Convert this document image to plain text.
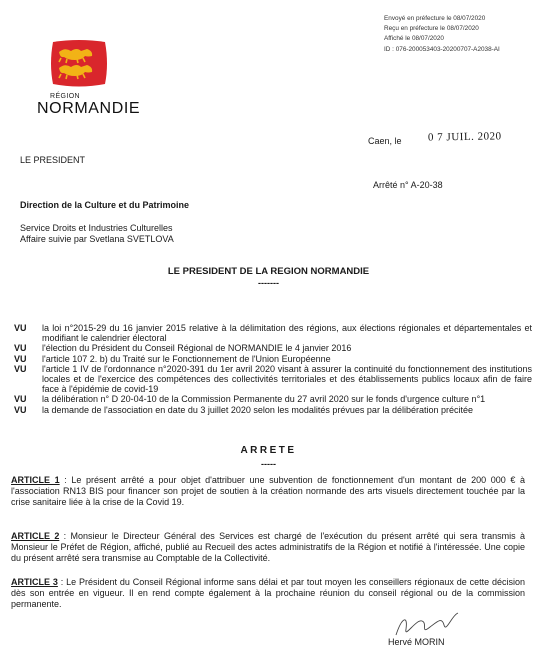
Envoyé en préfecture le 08/07/2020
Reçu en préfecture le 08/07/2020
Affiché le 08/07/2020
ID : 076-200053403-20200707-A2038-AI
RÉGION
NORMANDIE
Caen, le 0 7 JUIL. 2020
LE PRESIDENT
Arrêté n° A-20-38
Direction de la Culture et du Patrimoine
Service Droits et Industries Culturelles
Affaire suivie par Svetlana SVETLOVA
LE PRESIDENT DE LA REGION NORMANDIE
-------
VU	la loi n°2015-29 du 16 janvier 2015 relative à la délimitation des régions, aux élections régionales et départementales et modifiant le calendrier électoral
VU	l'élection du Président du Conseil Régional de NORMANDIE le 4 janvier 2016
VU	l'article 107 2. b) du Traité sur le Fonctionnement de l'Union Européenne
VU	l'article 1 IV de l'ordonnance n°2020-391 du 1er avril 2020 visant à assurer la continuité du fonctionnement des institutions locales et de l'exercice des compétences des collectivités territoriales et des établissements publics locaux afin de faire face à l'épidémie de covid-19
VU	la délibération n° D 20-04-10 de la Commission Permanente du 27 avril 2020 sur le fonds d'urgence culture n°1
VU	la demande de l'association en date du 3 juillet 2020 selon les modalités prévues par la délibération précitée
ARRETE
-----
ARTICLE 1 : Le présent arrêté a pour objet d'attribuer une subvention de fonctionnement d'un montant de 200 000 € à l'association RN13 BIS pour financer son projet de soutien à la création normande des arts visuels directement touchée par la crise sanitaire liée à la crise de la Covid 19.
ARTICLE 2 : Monsieur le Directeur Général des Services est chargé de l'exécution du présent arrêté qui sera transmis à Monsieur le Préfet de Région, affiché, publié au Recueil des actes administratifs de la Région et notifié à l'intéressée. Une copie du présent arrêté sera transmise au Comptable de la Collectivité.
ARTICLE 3 : Le Président du Conseil Régional informe sans délai et par tout moyen les conseillers régionaux de cette décision dès son entrée en vigueur. Il en rend compte également à la prochaine réunion du conseil régional ou de la commission permanente.
Hervé MORIN
